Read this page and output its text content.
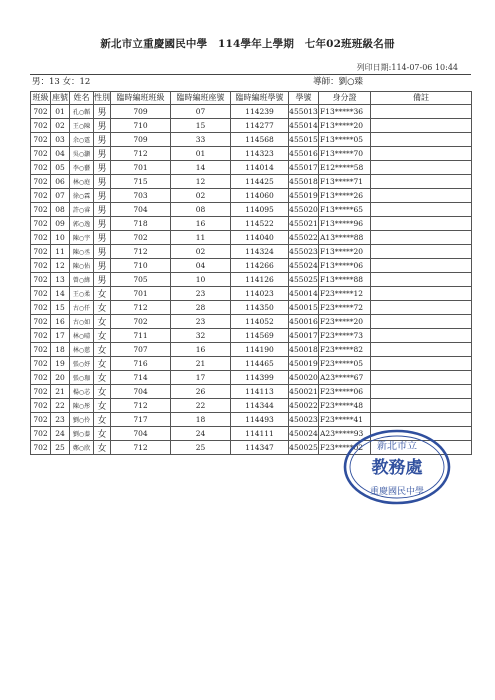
新北市立重慶國民中學　114學年上學期　七年02班班級名冊
列印日期:114-07-06 10:44
男：13 女：12	導師：劉○臻
班級	座號	姓名	性別	臨時編班班級	臨時編班座號	臨時編班學號	學號	身分證	備註
702	01	孔○韜	男	709	07	114239	455013	F13*****36	
702	02	王○陳	男	710	15	114277	455014	F13*****20	
702	03	余○霆	男	709	33	114568	455015	F13*****05	
702	04	吳○灝	男	712	01	114323	455016	F13*****70	
702	05	李○藝	男	701	14	114014	455017	E12*****58	
702	06	林○庭	男	715	12	114425	455018	F13*****71	
702	07	徐○霖	男	703	02	114060	455019	F13*****26	
702	08	許○睿	男	704	08	114095	455020	F13*****65	
702	09	郭○逸	男	718	16	114522	455021	F13*****96	
702	10	陳○宇	男	702	11	114040	455022	A13*****88	
702	11	陳○丞	男	712	02	114324	455023	F13*****20	
702	12	陳○佑	男	710	04	114266	455024	F13*****06	
702	13	曾○緯	男	705	10	114126	455025	F13*****88	
702	14	王○柔	女	701	23	114023	450014	F23*****12	
702	15	古○仟	女	712	28	114350	450015	F23*****72	
702	16	古○如	女	702	23	114052	450016	F23*****20	
702	17	林○晴	女	711	32	114569	450017	F23*****73	
702	18	林○慈	女	707	16	114190	450018	F23*****82	
702	19	張○妤	女	716	21	114465	450019	F23*****05	
702	20	張○珈	女	714	17	114399	450020	A23*****67	
702	21	楊○芯	女	704	26	114113	450021	F23*****06	
702	22	陳○彤	女	712	22	114344	450022	F23*****48	
702	23	劉○伶	女	717	18	114493	450023	F23*****41	
702	24	劉○蓁	女	704	24	114111	450024	A23*****93	
702	25	鄭○欣	女	712	25	114347	450025	F23*****02	新北市立
教務處
重慶國民中學
